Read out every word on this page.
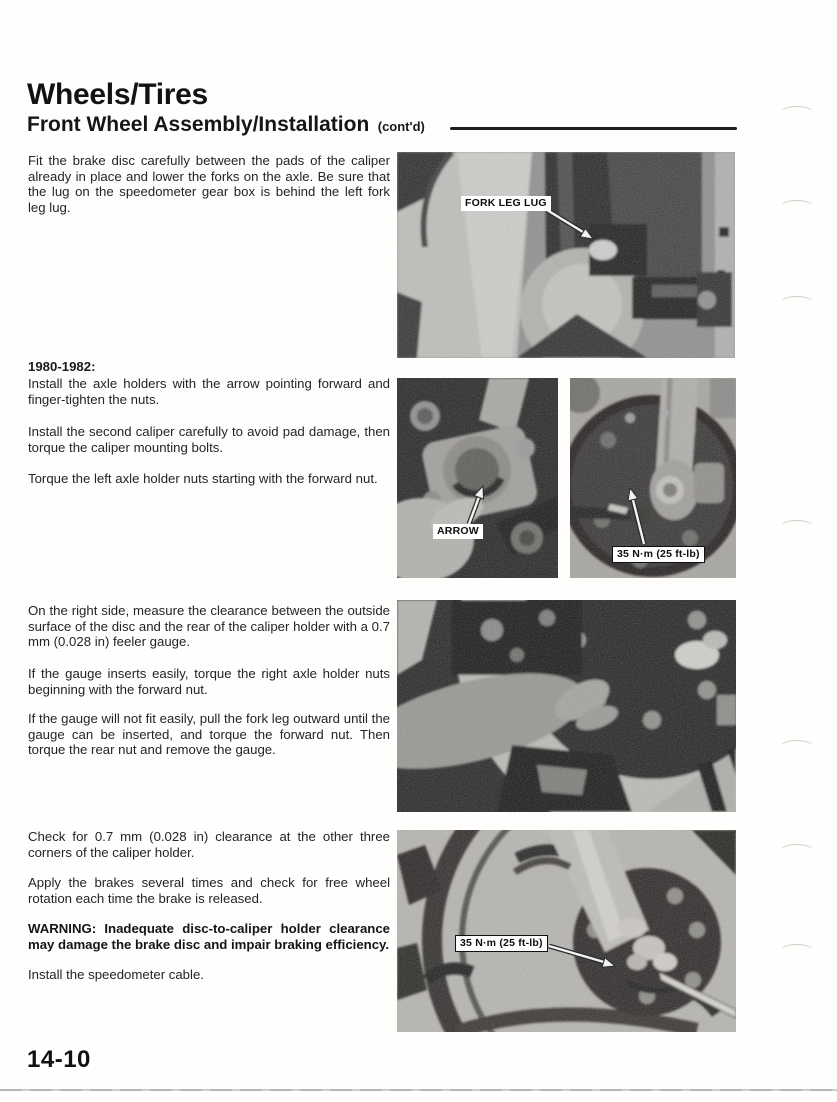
Wheels/Tires
Front Wheel Assembly/Installation (cont'd)

Fit the brake disc carefully between the pads of the caliper already in place and lower the forks on the axle. Be sure that the lug on the speedometer gear box is behind the left fork leg lug.

1980-1982:

Install the axle holders with the arrow pointing forward and finger-tighten the nuts.

Install the second caliper carefully to avoid pad damage, then torque the caliper mounting bolts.

Torque the left axle holder nuts starting with the forward nut.

On the right side, measure the clearance between the outside surface of the disc and the rear of the caliper holder with a 0.7 mm (0.028 in) feeler gauge.

If the gauge inserts easily, torque the right axle holder nuts beginning with the forward nut.

If the gauge will not fit easily, pull the fork leg outward until the gauge can be inserted, and torque the forward nut. Then torque the rear nut and remove the gauge.

Check for 0.7 mm (0.028 in) clearance at the other three corners of the caliper holder.

Apply the brakes several times and check for free wheel rotation each time the brake is released.

WARNING: Inadequate disc-to-caliper holder clearance may damage the brake disc and impair braking efficiency.

Install the speedometer cable.

FORK LEG LUG
ARROW
35 N·m (25 ft-lb)
35 N·m (25 ft-lb)
14-10
